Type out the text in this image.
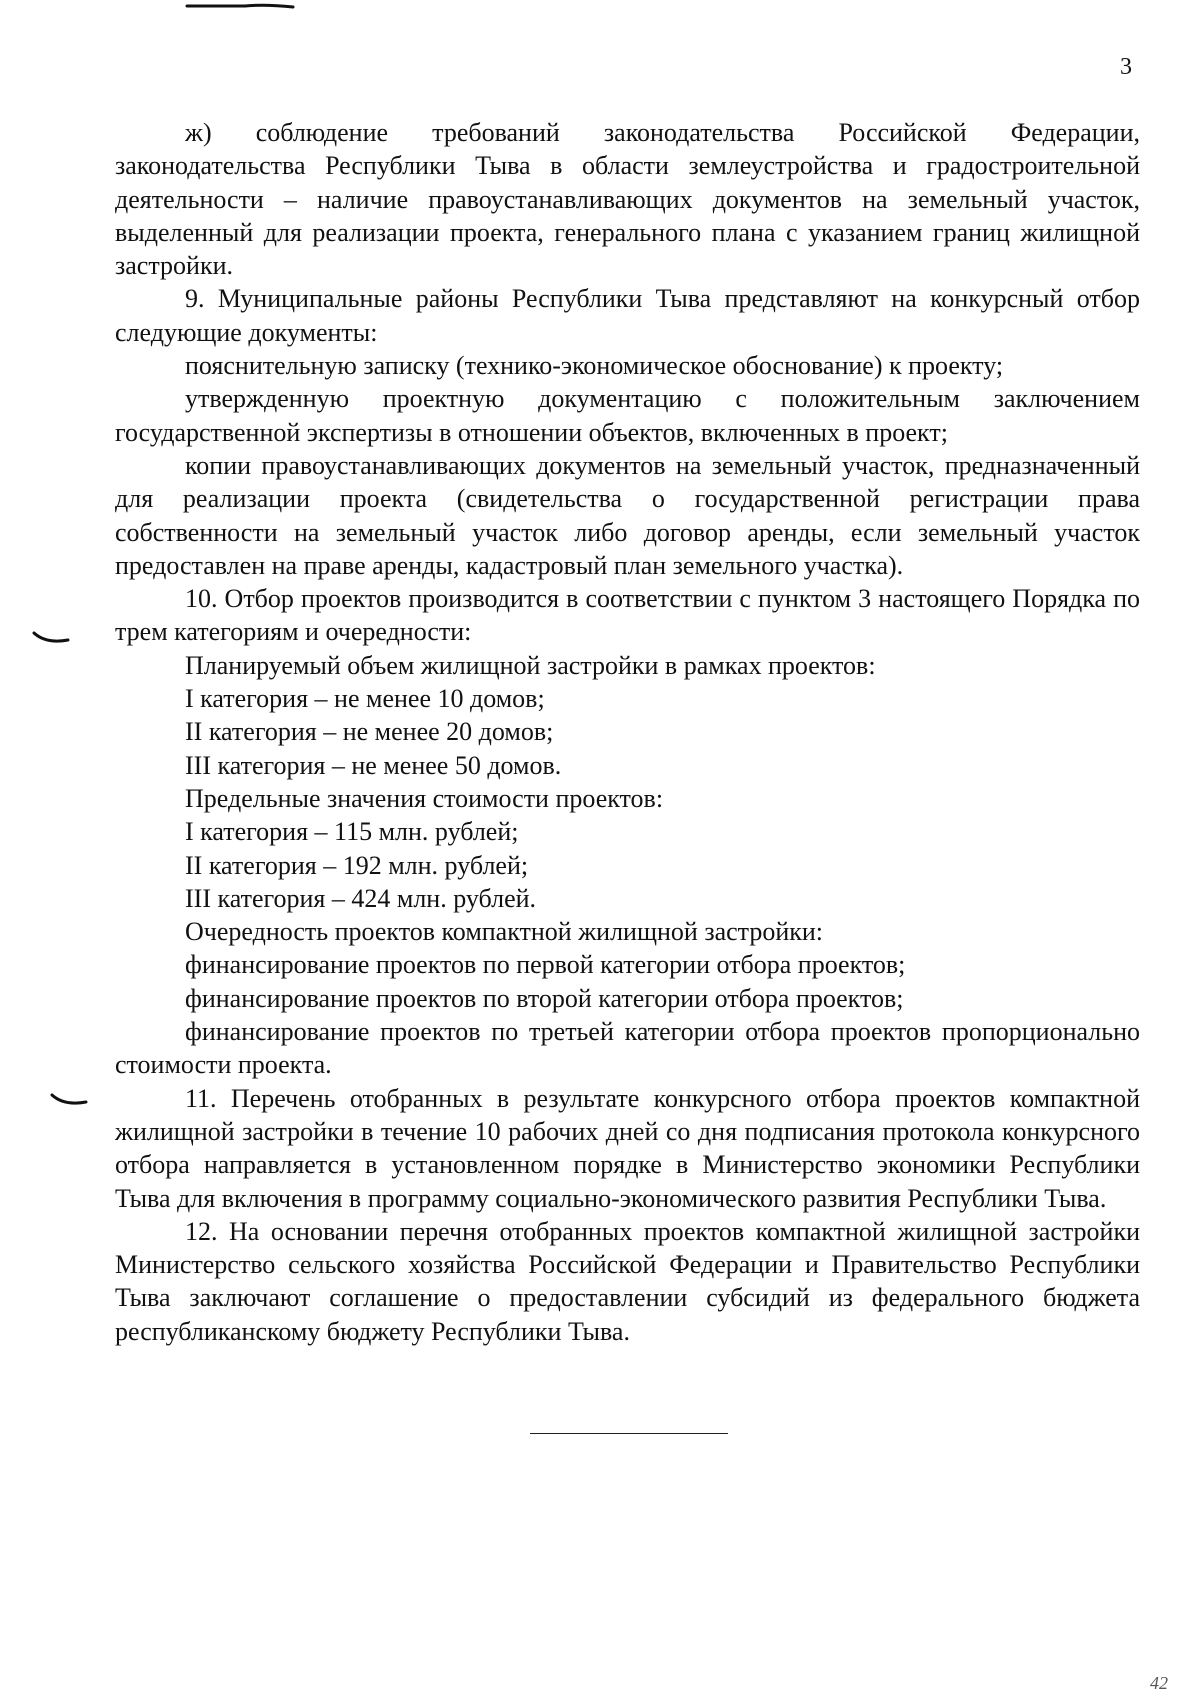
3

ж) соблюдение требований законодательства Российской Федерации, законодательства Республики Тыва в области землеустройства и градостроительной деятельности – наличие правоустанавливающих документов на земельный участок, выделенный для реализации проекта, генерального плана с указанием границ жилищной застройки.

9. Муниципальные районы Республики Тыва представляют на конкурсный отбор следующие документы:

пояснительную записку (технико-экономическое обоснование) к проекту;

утвержденную проектную документацию с положительным заключением государственной экспертизы в отношении объектов, включенных в проект;

копии правоустанавливающих документов на земельный участок, предназначенный для реализации проекта (свидетельства о государственной регистрации права собственности на земельный участок либо договор аренды, если земельный участок предоставлен на праве аренды, кадастровый план земельного участка).

10. Отбор проектов производится в соответствии с пунктом 3 настоящего Порядка по трем категориям и очередности:

Планируемый объем жилищной застройки в рамках проектов:

I категория – не менее 10 домов;

II категория – не менее 20 домов;

III категория – не менее 50 домов.

Предельные значения стоимости проектов:

I категория – 115 млн. рублей;

II категория – 192 млн. рублей;

III категория – 424 млн. рублей.

Очередность проектов компактной жилищной застройки:

финансирование проектов по первой категории отбора проектов;

финансирование проектов по второй категории отбора проектов;

финансирование проектов по третьей категории отбора проектов пропорционально стоимости проекта.

11. Перечень отобранных в результате конкурсного отбора проектов компактной жилищной застройки в течение 10 рабочих дней со дня подписания протокола конкурсного отбора направляется в установленном порядке в Министерство экономики Республики Тыва для включения в программу социально-экономического развития Республики Тыва.

12. На основании перечня отобранных проектов компактной жилищной застройки Министерство сельского хозяйства Российской Федерации и Правительство Республики Тыва заключают соглашение о предоставлении субсидий из федерального бюджета республиканскому бюджету Республики Тыва.

42
